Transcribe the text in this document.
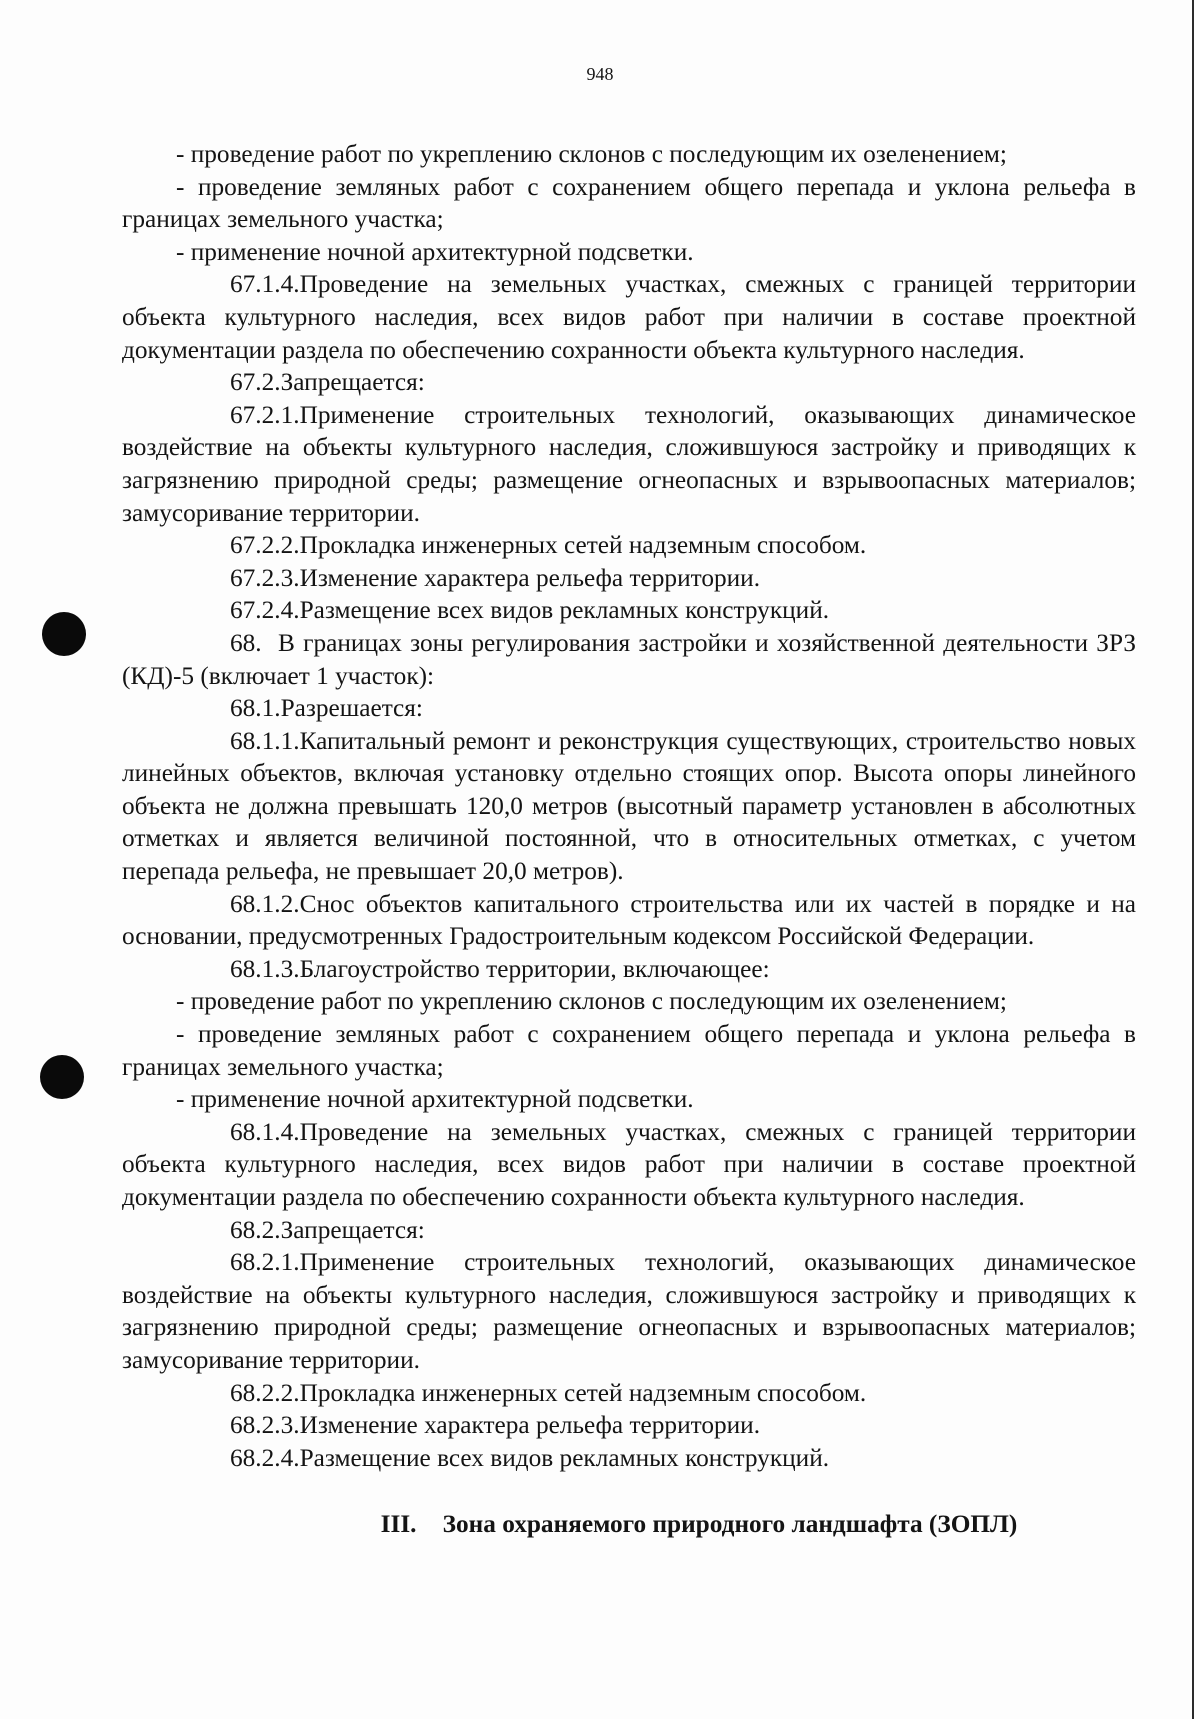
948

- проведение работ по укреплению склонов с последующим их озеленением;

- проведение земляных работ с сохранением общего перепада и уклона рельефа в границах земельного участка;

- применение ночной архитектурной подсветки.

67.1.4.Проведение на земельных участках, смежных с границей территории объекта культурного наследия, всех видов работ при наличии в составе проектной документации раздела по обеспечению сохранности объекта культурного наследия.

67.2.Запрещается:

67.2.1.Применение строительных технологий, оказывающих динамическое воздействие на объекты культурного наследия, сложившуюся застройку и приводящих к загрязнению природной среды; размещение огнеопасных и взрывоопасных материалов; замусоривание территории.

67.2.2.Прокладка инженерных сетей надземным способом.

67.2.3.Изменение характера рельефа территории.

67.2.4.Размещение всех видов рекламных конструкций.

68. В границах зоны регулирования застройки и хозяйственной деятельности ЗРЗ (КД)-5 (включает 1 участок):

68.1.Разрешается:

68.1.1.Капитальный ремонт и реконструкция существующих, строительство новых линейных объектов, включая установку отдельно стоящих опор. Высота опоры линейного объекта не должна превышать 120,0 метров (высотный параметр установлен в абсолютных отметках и является величиной постоянной, что в относительных отметках, с учетом перепада рельефа, не превышает 20,0 метров).

68.1.2.Снос объектов капитального строительства или их частей в порядке и на основании, предусмотренных Градостроительным кодексом Российской Федерации.

68.1.3.Благоустройство территории, включающее:

- проведение работ по укреплению склонов с последующим их озеленением;

- проведение земляных работ с сохранением общего перепада и уклона рельефа в границах земельного участка;

- применение ночной архитектурной подсветки.

68.1.4.Проведение на земельных участках, смежных с границей территории объекта культурного наследия, всех видов работ при наличии в составе проектной документации раздела по обеспечению сохранности объекта культурного наследия.

68.2.Запрещается:

68.2.1.Применение строительных технологий, оказывающих динамическое воздействие на объекты культурного наследия, сложившуюся застройку и приводящих к загрязнению природной среды; размещение огнеопасных и взрывоопасных материалов; замусоривание территории.

68.2.2.Прокладка инженерных сетей надземным способом.

68.2.3.Изменение характера рельефа территории.

68.2.4.Размещение всех видов рекламных конструкций.

III. Зона охраняемого природного ландшафта (ЗОПЛ)
